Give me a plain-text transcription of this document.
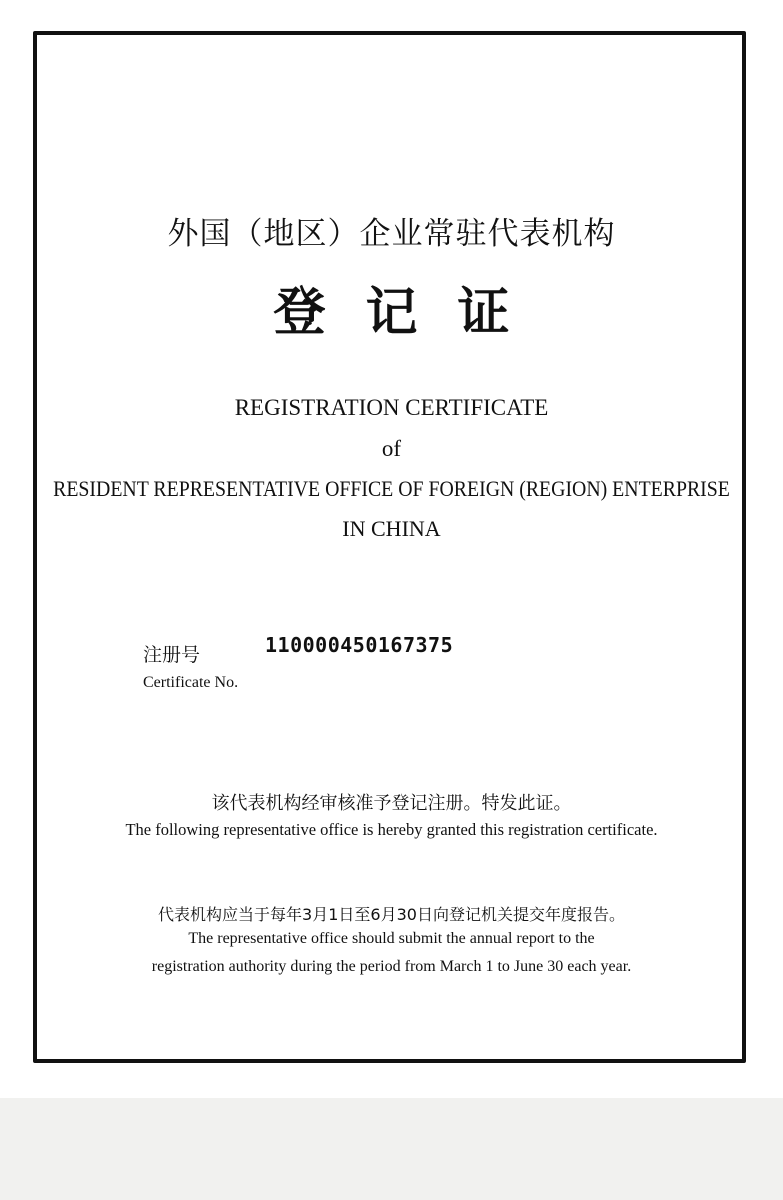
外国（地区）企业常驻代表机构

登记证

REGISTRATION CERTIFICATE

of

RESIDENT REPRESENTATIVE OFFICE OF FOREIGN (REGION) ENTERPRISE

IN CHINA

注册号	110000450167375
Certificate No.

该代表机构经审核准予登记注册。特发此证。

The following representative office is hereby granted this registration certificate.

代表机构应当于每年3月1日至6月30日向登记机关提交年度报告。

The representative office should submit the annual report to the

registration authority during the period from March 1 to June 30 each year.
